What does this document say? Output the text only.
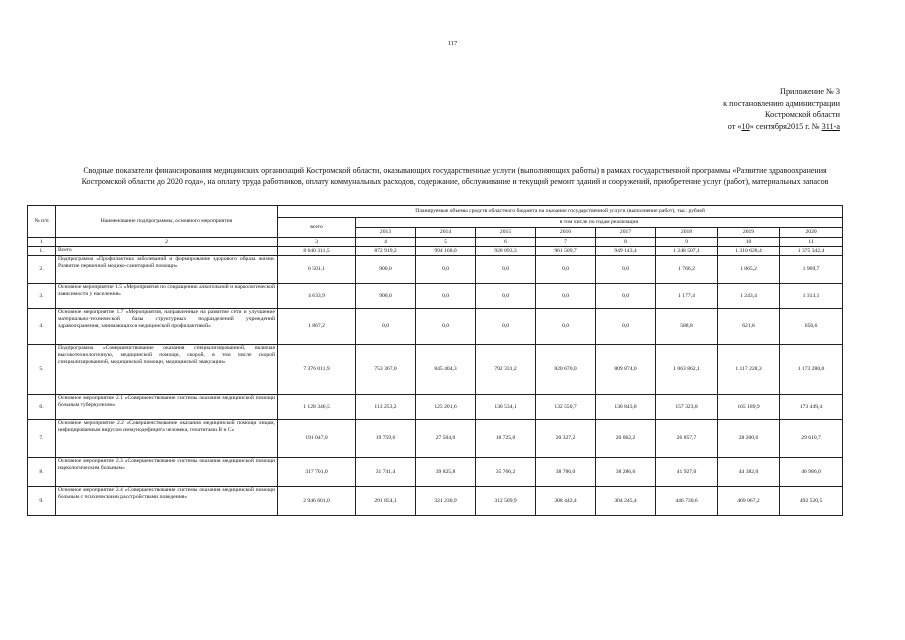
117
Приложение № 3
к постановлению администрации
Костромской области
от «10» сентября2015 г. № 311-а
Сводные показатели финансирования медицинских организаций Костромской области, оказывающих государственные услуги (выполняющих работы) в рамках государственной программы «Развитие здравоохранения Костромской области до 2020 года», на оплату труда работников, оплату коммунальных расходов, содержание, обслуживание и текущий ремонт зданий и сооружений, приобретение услуг (работ), материальных запасов
№ п/п	Наименование подпрограммы, основного мероприятия	Планируемые объемы средств областного бюджета на оказание государственной услуги (выполнение работ), тыс. рублей								
		всего	в том числе по годам реализации							
			2013	2014	2015	2016	2017	2018	2019	2020
1	2	3	4	5	6	7	8	9	10	11
1.	Всего	8 640 311,5	872 919,2	994 168,0	928 093,3	961 509,7	949 143,4	1 248 507,1	1 310 628,4	1 375 342,4
2.	Подпрограмма «Профилактика заболеваний и формирование здорового образа жизни. Развитие первичной медико-санитарной помощи»	6 501,1	900,0	0,0	0,0	0,0	0,0	1 766,2	1 865,2	1 969,7
3.	Основное мероприятие 1.5 «Мероприятия по сокращению алкогольной и наркологической зависимости у населения»	4 633,9	900,0	0,0	0,0	0,0	0,0	1 177,4	1 243,4	1 313,1
4.	Основное мероприятие 1.7 «Мероприятия, направленные на развитие сети и улучшение материально-технической базы структурных подразделений учреждений здравоохранения, занимающихся медицинской профилактикой»	1 867,2	0,0	0,0	0,0	0,0	0,0	588,8	621,8	656,6
5.	Подпрограмма «Совершенствование оказания специализированной, включая высокотехнологичную, медицинской помощи, скорой, в том числе скорой специализированной, медицинской помощи, медицинской эвакуации»	7 376 011,9	753 367,0	845 404,3	792 331,2	820 670,0	809 874,0	1 063 862,1	1 117 228,3	1 173 280,0
6.	Основное мероприятие 2.1 «Совершенствование системы оказания медицинской помощи больным туберкулезом»	1 128 346,5	113 253,2	125 201,6	130 534,1	132 550,7	130 843,8	157 323,8	165 189,9	173 449,4
7.	Основное мероприятие 2.2 «Совершенствование оказания медицинской помощи лицам, инфицированным вирусом иммунодефицита человека, гепатитами В и С»	191 047,0	19 759,6	27 504,0	18 725,0	20 327,2	20 062,2	26 857,7	28 200,6	29 610,7
8.	Основное мероприятие 2.3 «Совершенствование системы оказания медицинской помощи наркологическим больным»	317 701,0	31 741,4	39 825,8	35 766,2	38 786,0	38 286,6	41 927,0	44 382,0	46 986,0
9.	Основное мероприятие 2.4 «Совершенствование системы оказания медицинской помощи больным с психическими расстройствами поведения»	2 946 601,0	291 854,1	321 230,9	312 509,9	308 442,4	304 245,4	446 730,6	469 067,2	492 520,5
